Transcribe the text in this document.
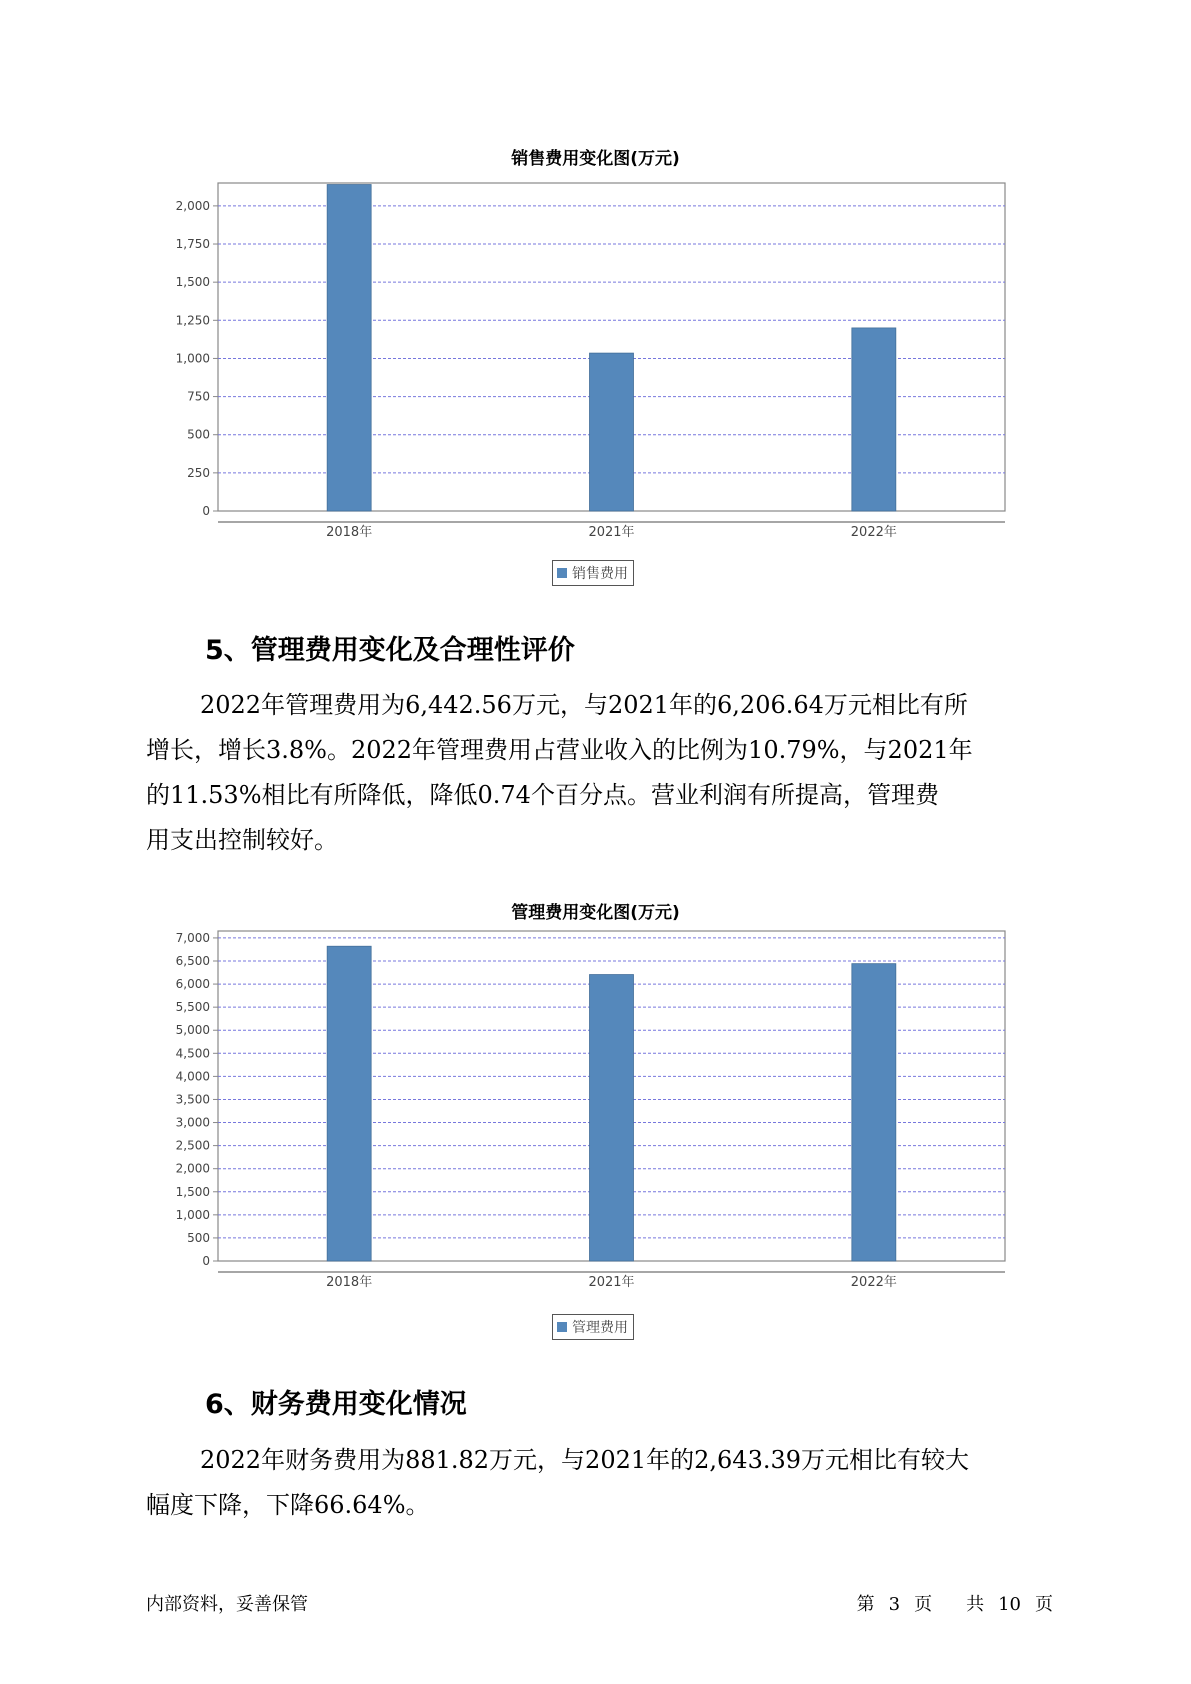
销售费用变化图(万元)
0
250
500
750
1,000
1,250
1,500
1,750
2,000
2018年	2021年	2022年
销售费用
5、管理费用变化及合理性评价
2022年管理费用为6,442.56万元，与2021年的6,206.64万元相比有所
增长，增长3.8%。2022年管理费用占营业收入的比例为10.79%，与2021年
的11.53%相比有所降低，降低0.74个百分点。营业利润有所提高，管理费
用支出控制较好。
管理费用变化图(万元)
0
500
1,000
1,500
2,000
2,500
3,000
3,500
4,000
4,500
5,000
5,500
6,000
6,500
7,000
2018年	2021年	2022年
管理费用
6、财务费用变化情况
2022年财务费用为881.82万元，与2021年的2,643.39万元相比有较大
幅度下降，下降66.64%。
内部资料，妥善保管	第 3 页 共 10 页
